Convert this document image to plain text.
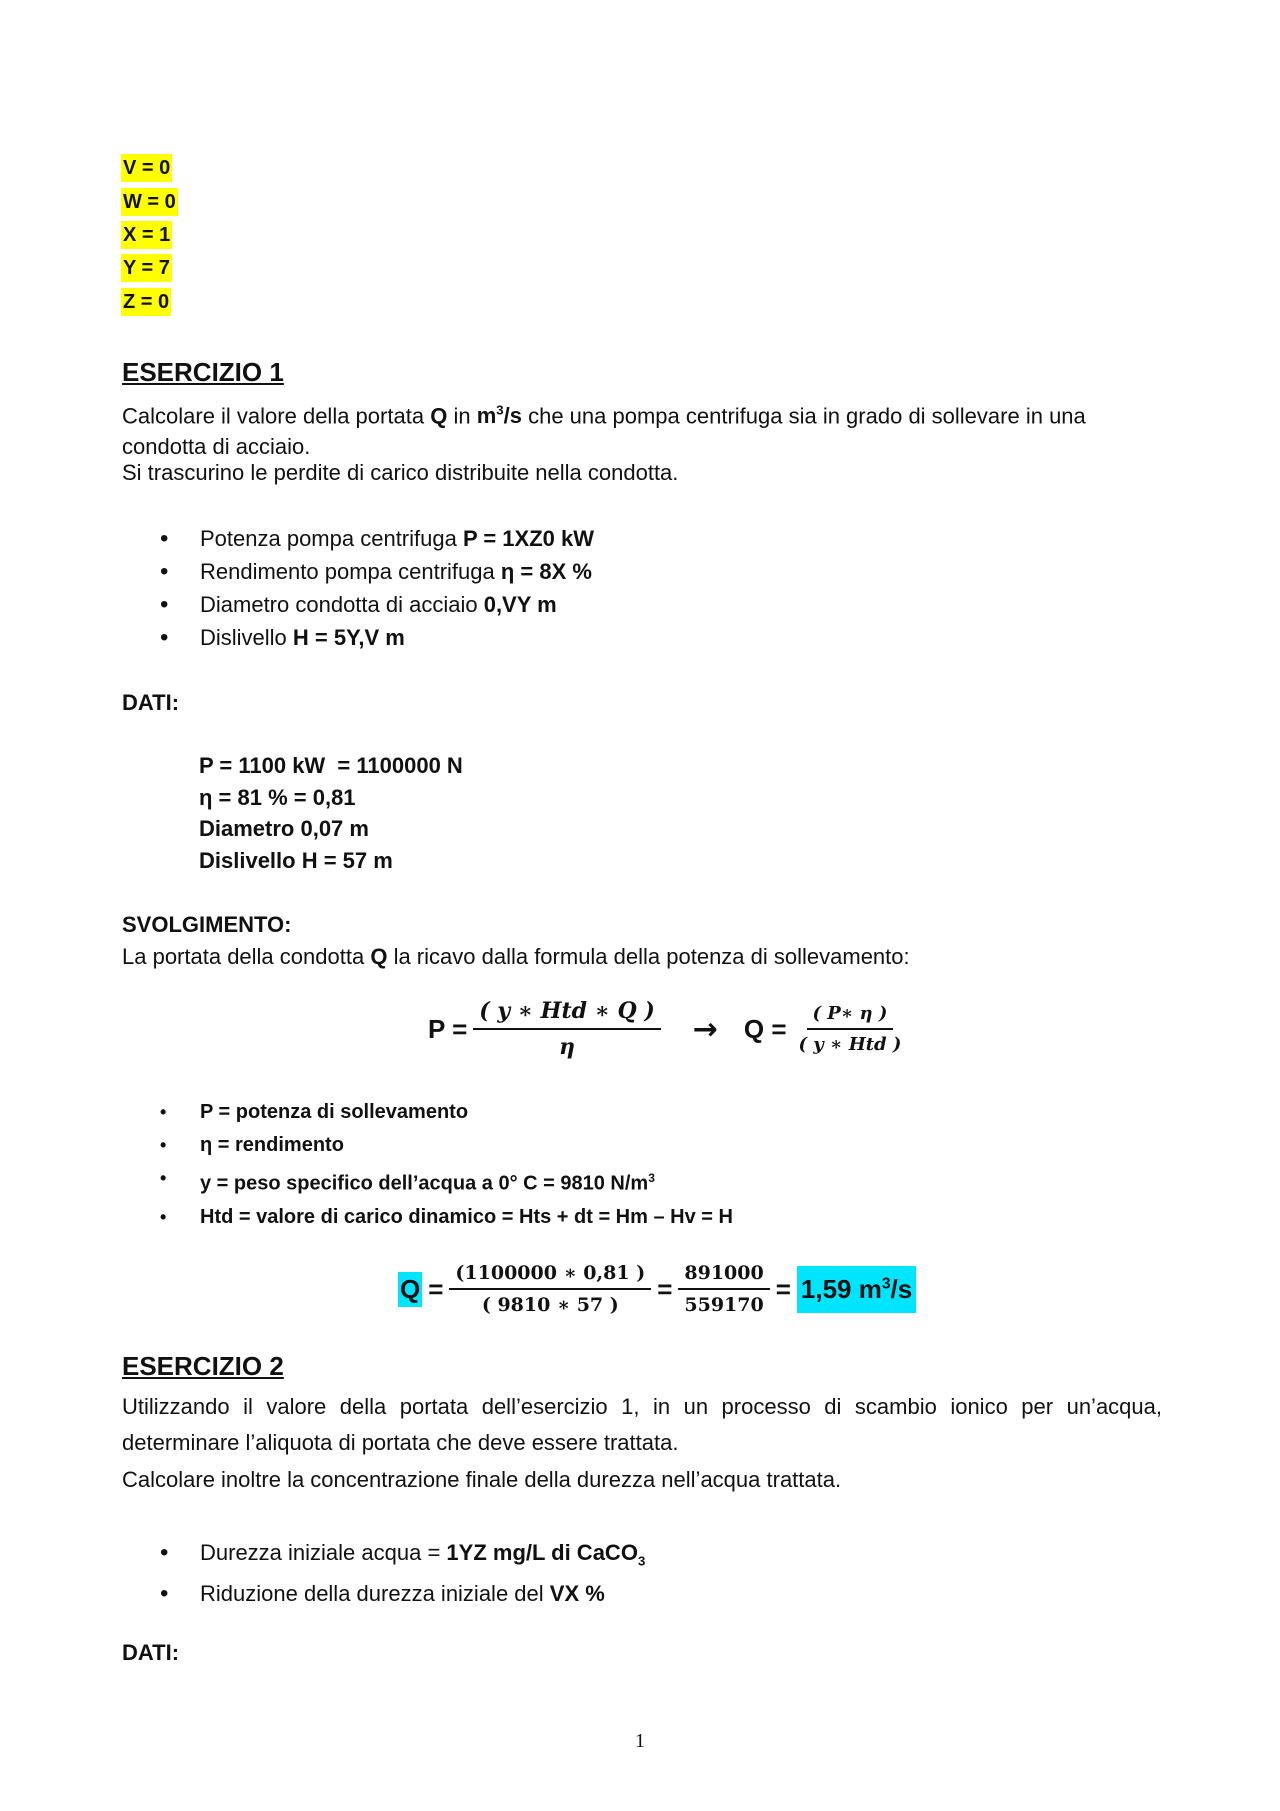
V = 0
W = 0
X = 1
Y = 7
Z = 0
ESERCIZIO 1
Calcolare il valore della portata Q in $m^3/s$ che una pompa centrifuga sia in grado di sollevare in una condotta di acciaio.
Si trascurino le perdite di carico distribuite nella condotta.
• Potenza pompa centrifuga P = 1XZ0 kW
• Rendimento pompa centrifuga η = 8X %
• Diametro condotta di acciaio 0,VY m
• Dislivello H = 5Y,V m
DATI:
P = 1100 kW  = 1100000 N
η = 81 % = 0,81
Diametro 0,07 m
Dislivello H = 57 m
SVOLGIMENTO:
La portata della condotta Q la ricavo dalla formula della potenza di sollevamento:
$P = \frac{\text{( y ∗ Htd ∗ Q )}}{\eta} \to Q = \frac{( P∗ \eta )}{\text{( y ∗ Htd )}}$
• P = potenza di sollevamento
• η = rendimento
• y = peso specifico dell’acqua a 0° C = 9810 $N/m^3$
• Htd = valore di carico dinamico = Hts + dt = Hm – Hv = H
$Q = \frac{(1100000 ∗ 0,81 )}{( 9810 ∗ 57 )} = \frac{891000}{559170} = 1,59$ $m^3/s$
ESERCIZIO 2
Utilizzando il valore della portata dell’esercizio 1, in un processo di scambio ionico per un’acqua, determinare l’aliquota di portata che deve essere trattata.
Calcolare inoltre la concentrazione finale della durezza nell’acqua trattata.
• Durezza iniziale acqua = 1YZ mg/L di CaCO$_3$
• Riduzione della durezza iniziale del VX %
DATI:
1
